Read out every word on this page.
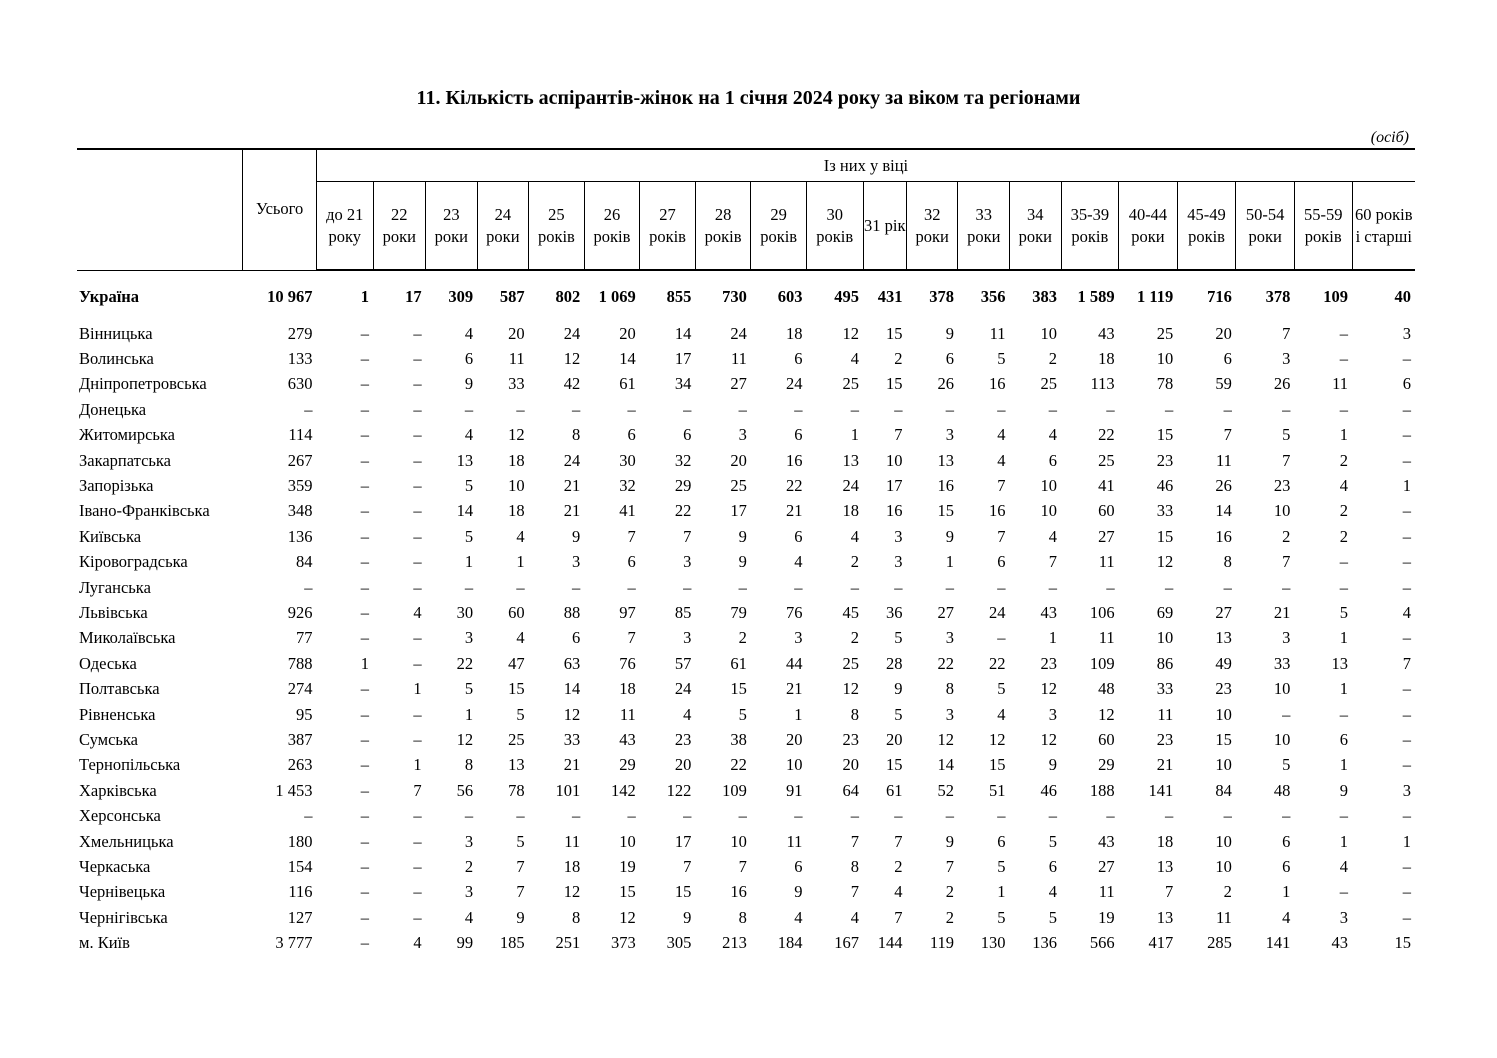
11. Кількість аспірантів-жінок на 1 січня 2024 року за віком та регіонами
(осіб)
	Усього	Із них у віці																			
		до 21 року	22 роки	23 роки	24 роки	25 років	26 років	27 років	28 років	29 років	30 років	31 рік	32 роки	33 роки	34 роки	35-39 років	40-44 роки	45-49 років	50-54 роки	55-59 років	60 років і старші

Україна	10 967	1	17	309	587	802	1 069	855	730	603	495	431	378	356	383	1 589	1 119	716	378	109	40

Вінницька	279	–	–	4	20	24	20	14	24	18	12	15	9	11	10	43	25	20	7	–	3
Волинська	133	–	–	6	11	12	14	17	11	6	4	2	6	5	2	18	10	6	3	–	–
Дніпропетровська	630	–	–	9	33	42	61	34	27	24	25	15	26	16	25	113	78	59	26	11	6
Донецька	–	–	–	–	–	–	–	–	–	–	–	–	–	–	–	–	–	–	–	–	–
Житомирська	114	–	–	4	12	8	6	6	3	6	1	7	3	4	4	22	15	7	5	1	–
Закарпатська	267	–	–	13	18	24	30	32	20	16	13	10	13	4	6	25	23	11	7	2	–
Запорізька	359	–	–	5	10	21	32	29	25	22	24	17	16	7	10	41	46	26	23	4	1
Івано-Франківська	348	–	–	14	18	21	41	22	17	21	18	16	15	16	10	60	33	14	10	2	–
Київська	136	–	–	5	4	9	7	7	9	6	4	3	9	7	4	27	15	16	2	2	–
Кіровоградська	84	–	–	1	1	3	6	3	9	4	2	3	1	6	7	11	12	8	7	–	–
Луганська	–	–	–	–	–	–	–	–	–	–	–	–	–	–	–	–	–	–	–	–	–
Львівська	926	–	4	30	60	88	97	85	79	76	45	36	27	24	43	106	69	27	21	5	4
Миколаївська	77	–	–	3	4	6	7	3	2	3	2	5	3	–	1	11	10	13	3	1	–
Одеська	788	1	–	22	47	63	76	57	61	44	25	28	22	22	23	109	86	49	33	13	7
Полтавська	274	–	1	5	15	14	18	24	15	21	12	9	8	5	12	48	33	23	10	1	–
Рівненська	95	–	–	1	5	12	11	4	5	1	8	5	3	4	3	12	11	10	–	–	–
Сумська	387	–	–	12	25	33	43	23	38	20	23	20	12	12	12	60	23	15	10	6	–
Тернопільська	263	–	1	8	13	21	29	20	22	10	20	15	14	15	9	29	21	10	5	1	–
Харківська	1 453	–	7	56	78	101	142	122	109	91	64	61	52	51	46	188	141	84	48	9	3
Херсонська	–	–	–	–	–	–	–	–	–	–	–	–	–	–	–	–	–	–	–	–	–
Хмельницька	180	–	–	3	5	11	10	17	10	11	7	7	9	6	5	43	18	10	6	1	1
Черкаська	154	–	–	2	7	18	19	7	7	6	8	2	7	5	6	27	13	10	6	4	–
Чернівецька	116	–	–	3	7	12	15	15	16	9	7	4	2	1	4	11	7	2	1	–	–
Чернігівська	127	–	–	4	9	8	12	9	8	4	4	7	2	5	5	19	13	11	4	3	–
м. Київ	3 777	–	4	99	185	251	373	305	213	184	167	144	119	130	136	566	417	285	141	43	15
